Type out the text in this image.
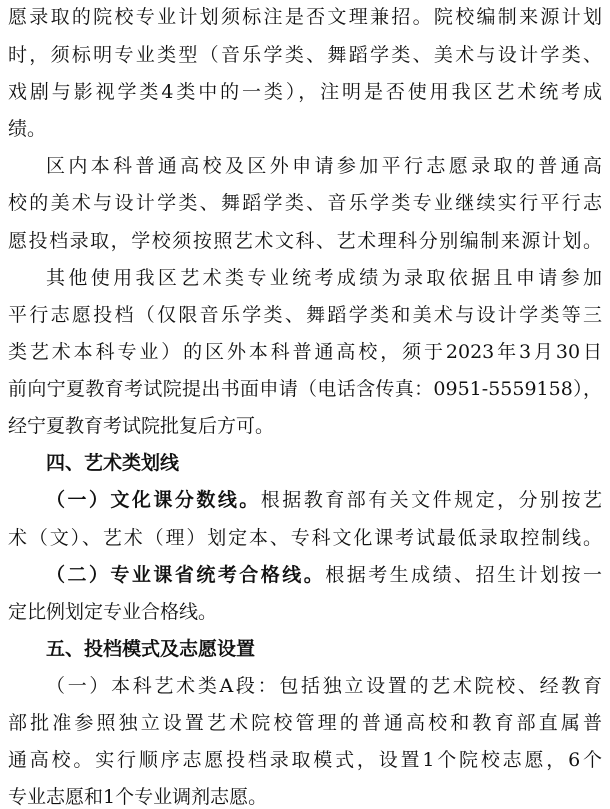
愿录取的院校专业计划须标注是否文理兼招。院校编制来源计划
时，须标明专业类型（音乐学类、舞蹈学类、美术与设计学类、
戏剧与影视学类4类中的一类），注明是否使用我区艺术统考成
绩。
区内本科普通高校及区外申请参加平行志愿录取的普通高
校的美术与设计学类、舞蹈学类、音乐学类专业继续实行平行志
愿投档录取，学校须按照艺术文科、艺术理科分别编制来源计划。
其他使用我区艺术类专业统考成绩为录取依据且申请参加
平行志愿投档（仅限音乐学类、舞蹈学类和美术与设计学类等三
类艺术本科专业）的区外本科普通高校，须于2023年3月30日
前向宁夏教育考试院提出书面申请（电话含传真：0951-5559158），
经宁夏教育考试院批复后方可。
四、艺术类划线
（一）文化课分数线。根据教育部有关文件规定，分别按艺
术（文）、艺术（理）划定本、专科文化课考试最低录取控制线。
（二）专业课省统考合格线。根据考生成绩、招生计划按一
定比例划定专业合格线。
五、投档模式及志愿设置
（一）本科艺术类A段：包括独立设置的艺术院校、经教育
部批准参照独立设置艺术院校管理的普通高校和教育部直属普
通高校。实行顺序志愿投档录取模式，设置1个院校志愿，6个
专业志愿和1个专业调剂志愿。
